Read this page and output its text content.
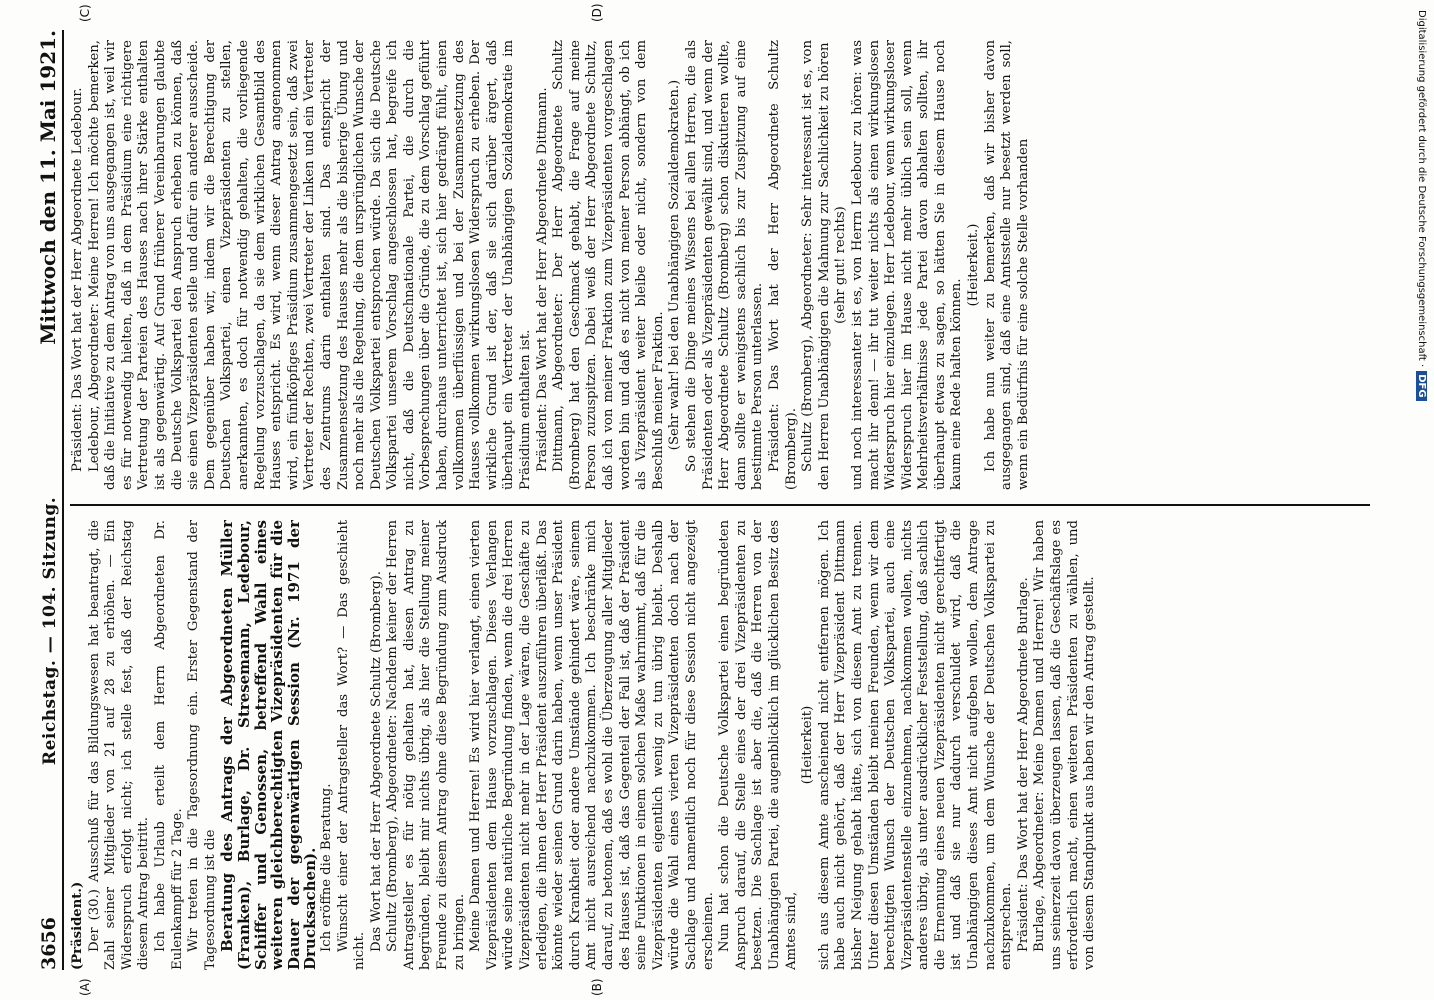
3656
Reichstag. — 104. Sitzung.
Mittwoch den 11. Mai 1921.
(A)	(B)
(C)	(D)

(Präsident.) Der (30.) Ausschuß für das Bildungswesen hat beantragt, die Zahl seiner Mitglieder von 21 auf 28 zu erhöhen. — Ein Widerspruch erfolgt nicht; ich stelle fest, daß der Reichstag diesem Antrag beitritt. Ich habe Urlaub erteilt dem Herrn Abgeordneten Dr. Eulenkampff für 2 Tage. Wir treten in die Tagesordnung ein. Erster Gegenstand der Tagesordnung ist die Beratung des Antrags der Abgeordneten Müller (Franken), Burlage, Dr. Stresemann, Ledebour, Schiffer und Genossen, betreffend Wahl eines weiteren gleichberechtigten Vizepräsidenten für die Dauer der gegenwärtigen Session (Nr. 1971 der Drucksachen). Ich eröffne die Beratung. Wünscht einer der Antragsteller das Wort? — Das geschieht nicht. Das Wort hat der Herr Abgeordnete Schultz (Bromberg). Schultz (Bromberg), Abgeordneter: Nachdem keiner der Herren Antragsteller es für nötig gehalten hat, diesen Antrag zu begründen, bleibt mir nichts übrig, als hier die Stellung meiner Freunde zu diesem Antrag ohne diese Begründung zum Ausdruck zu bringen. Meine Damen und Herren! Es wird hier verlangt, einen vierten Vizepräsidenten dem Hause vorzuschlagen. Dieses Verlangen würde seine natürliche Begründung finden, wenn die drei Herren Vizepräsidenten nicht mehr in der Lage wären, die Geschäfte zu erledigen, die ihnen der Herr Präsident auszuführen überläßt. Das könnte wieder seinen Grund darin haben, wenn unser Präsident durch Krankheit oder andere Umstände gehindert wäre, seinem Amt nicht ausreichend nachzukommen. Ich beschränke mich darauf, zu betonen, daß es wohl die Überzeugung aller Mitglieder des Hauses ist, daß das Gegenteil der Fall ist, daß der Präsident seine Funktionen in einem solchen Maße wahrnimmt, daß für die Vizepräsidenten eigentlich wenig zu tun übrig bleibt. Deshalb würde die Wahl eines vierten Vizepräsidenten doch nach der Sachlage und namentlich noch für diese Session nicht angezeigt erscheinen. Nun hat schon die Deutsche Volkspartei einen begründeten Anspruch darauf, die Stelle eines der drei Vizepräsidenten zu besetzen. Die Sachlage ist aber die, daß die Herren von der Unabhängigen Partei, die augenblicklich im glücklichen Besitz des Amtes sind,

(Heiterkeit) sich aus diesem Amte anscheinend nicht entfernen mögen. Ich habe auch nicht gehört, daß der Herr Vizepräsident Dittmann bisher Neigung gehabt hätte, sich von diesem Amt zu trennen. Unter diesen Umständen bleibt meinen Freunden, wenn wir dem berechtigten Wunsch der Deutschen Volkspartei, auch eine Vizepräsidentenstelle einzunehmen, nachkommen wollen, nichts anderes übrig, als unter ausdrücklicher Feststellung, daß sachlich die Ernennung eines neuen Vizepräsidenten nicht gerechtfertigt ist und daß sie nur dadurch verschuldet wird, daß die Unabhängigen dieses Amt nicht aufgeben wollen, dem Antrage nachzukommen, um dem Wunsche der Deutschen Volkspartei zu entsprechen. Präsident: Das Wort hat der Herr Abgeordnete Burlage. Burlage, Abgeordneter: Meine Damen und Herren! Wir haben uns seinerzeit davon überzeugen lassen, daß die Geschäftslage es erforderlich macht, einen weiteren Präsidenten zu wählen, und von diesem Standpunkt aus haben wir den Antrag gestellt.

Präsident: Das Wort hat der Herr Abgeordnete Ledebour. Ledebour, Abgeordneter: Meine Herren! Ich möchte bemerken, daß die Initiative zu dem Antrag von uns ausgegangen ist, weil wir es für notwendig hielten, daß in dem Präsidium eine richtigere Vertretung der Parteien des Hauses nach ihrer Stärke enthalten ist als gegenwärtig. Auf Grund früherer Vereinbarungen glaubte die Deutsche Volkspartei den Anspruch erheben zu können, daß sie einen Vizepräsidenten stelle und dafür ein anderer ausscheide. Dem gegenüber haben wir, indem wir die Berechtigung der Deutschen Volkspartei, einen Vizepräsidenten zu stellen, anerkannten, es doch für notwendig gehalten, die vorliegende Regelung vorzuschlagen, da sie dem wirklichen Gesamtbild des Hauses entspricht. Es wird, wenn dieser Antrag angenommen wird, ein fünfköpfiges Präsidium zusammengesetzt sein, daß zwei Vertreter der Rechten, zwei Vertreter der Linken und ein Vertreter des Zentrums darin enthalten sind. Das entspricht der Zusammensetzung des Hauses mehr als die bisherige Übung und noch mehr als die Regelung, die dem ursprünglichen Wunsche der Deutschen Volkspartei entsprochen würde. Da sich die Deutsche Volkspartei unserem Vorschlag angeschlossen hat, begreife ich nicht, daß die Deutschnationale Partei, die durch die Vorbesprechungen über die Gründe, die zu dem Vorschlag geführt haben, durchaus unterrichtet ist, sich hier gedrängt fühlt, einen vollkommen überflüssigen und bei der Zusammensetzung des Hauses vollkommen wirkungslosen Widerspruch zu erheben. Der wirkliche Grund ist der, daß sie sich darüber ärgert, daß überhaupt ein Vertreter der Unabhängigen Sozialdemokratie im Präsidium enthalten ist. Präsident: Das Wort hat der Herr Abgeordnete Dittmann. Dittmann, Abgeordneter: Der Herr Abgeordnete Schultz (Bromberg) hat den Geschmack gehabt, die Frage auf meine Person zuzuspitzen. Dabei weiß der Herr Abgeordnete Schultz, daß ich von meiner Fraktion zum Vizepräsidenten vorgeschlagen worden bin und daß es nicht von meiner Person abhängt, ob ich als Vizepräsident weiter bleibe oder nicht, sondern von dem Beschluß meiner Fraktion. (Sehr wahr! bei den Unabhängigen Sozialdemokraten.) So stehen die Dinge meines Wissens bei allen Herren, die als Präsidenten oder als Vizepräsidenten gewählt sind, und wenn der Herr Abgeordnete Schultz (Bromberg) schon diskutieren wollte, dann sollte er wenigstens sachlich bis zur Zuspitzung auf eine bestimmte Person unterlassen. Präsident: Das Wort hat der Herr Abgeordnete Schultz (Bromberg). Schultz (Bromberg), Abgeordneter: Sehr interessant ist es, von den Herren Unabhängigen die Mahnung zur Sachlichkeit zu hören (sehr gut! rechts) und noch interessanter ist es, von Herrn Ledebour zu hören: was macht ihr denn! — ihr tut weiter nichts als einen wirkungslosen Widerspruch hier einzulegen. Herr Ledebour, wenn wirkungsloser Widerspruch hier im Hause nicht mehr üblich sein soll, wenn Mehrheitsverhältnisse jede Partei davon abhalten sollten, ihr überhaupt etwas zu sagen, so hätten Sie in diesem Hause noch kaum eine Rede halten können.

(Heiterkeit.) Ich habe nun weiter zu bemerken, daß wir bisher davon ausgegangen sind, daß eine Amtsstelle nur besetzt werden soll, wenn ein Bedürfnis für eine solche Stelle vorhanden	Digitalisierung gefördert durch die Deutsche Forschungsgemeinschaft ·
DFG
